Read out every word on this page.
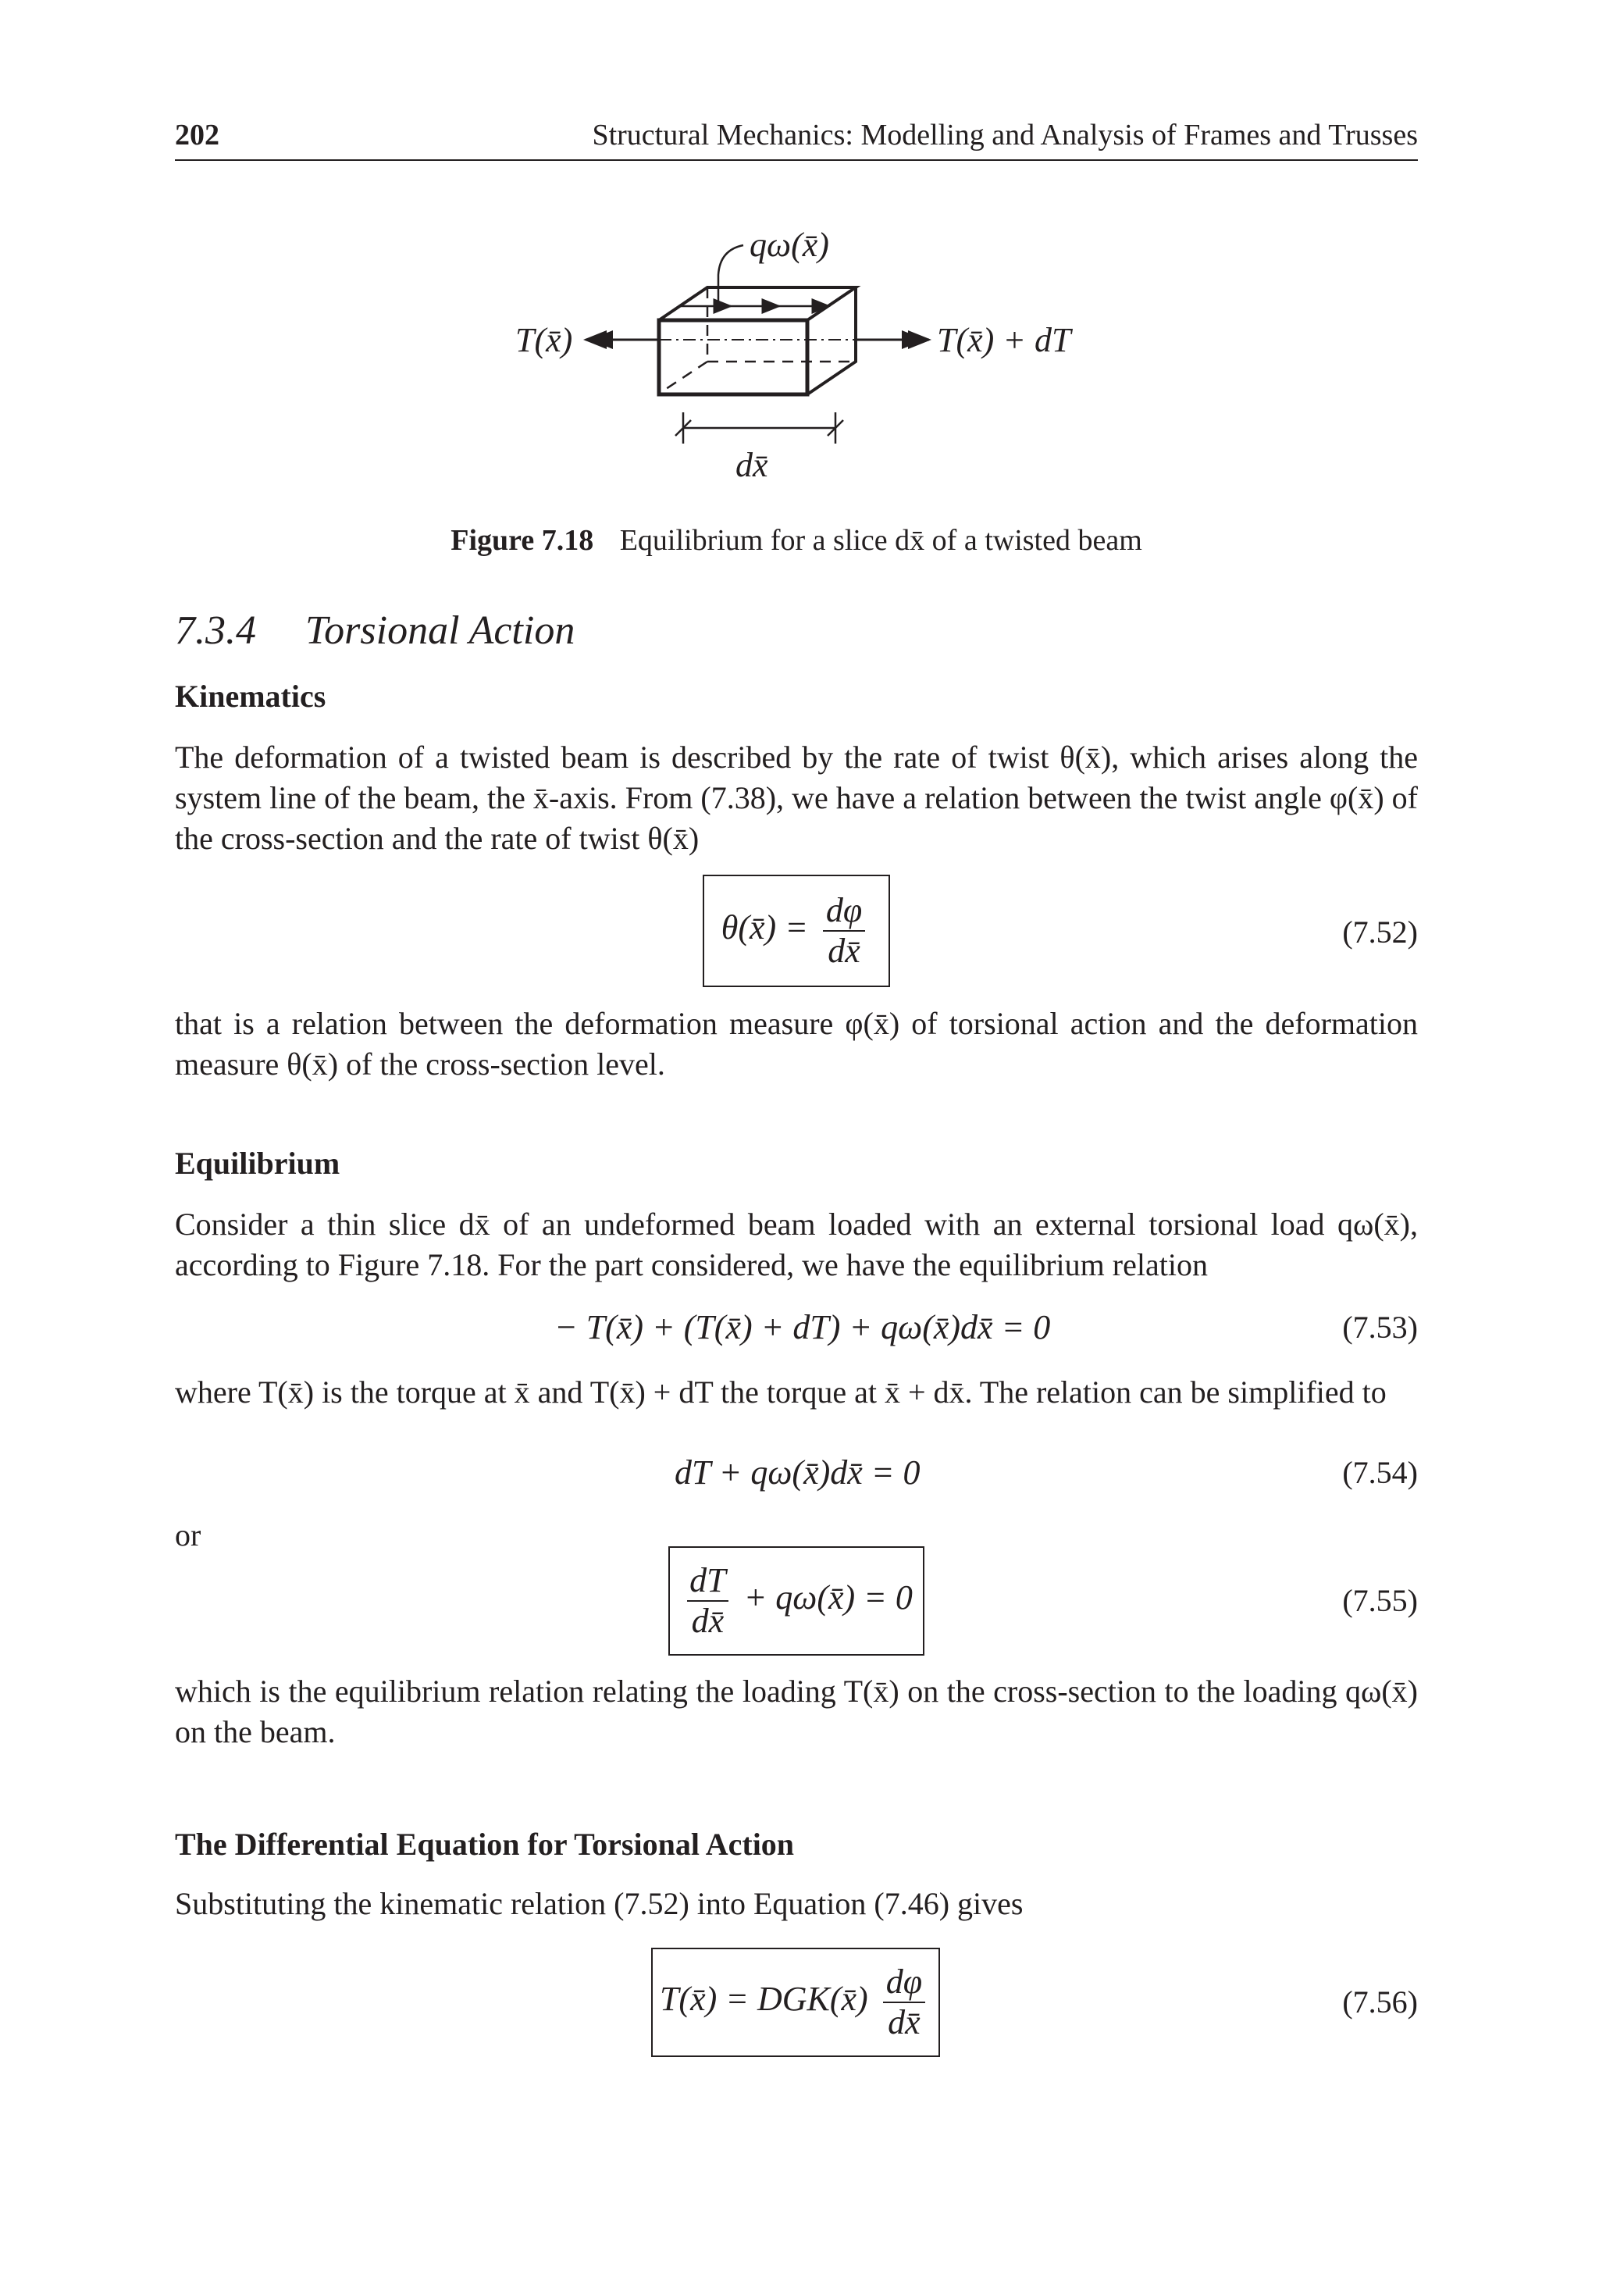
202	Structural Mechanics: Modelling and Analysis of Frames and Trusses
qω(x̄)
T(x̄)	T(x̄) + dT
dx̄
Figure 7.18 Equilibrium for a slice dx̄ of a twisted beam
7.3.4 Torsional Action
Kinematics

The deformation of a twisted beam is described by the rate of twist θ(x̄), which arises along the system line of the beam, the x̄-axis. From (7.38), we have a relation between the twist angle φ(x̄) of the cross-section and the rate of twist θ(x̄)

θ(x̄) = $\frac{d\varphi}{dx̄}$	(7.52)

that is a relation between the deformation measure φ(x̄) of torsional action and the deformation measure θ(x̄) of the cross-section level.

Equilibrium

Consider a thin slice dx̄ of an undeformed beam loaded with an external torsional load qω(x̄), according to Figure 7.18. For the part considered, we have the equilibrium relation

− T(x̄) + (T(x̄) + dT) + qω(x̄)dx̄ = 0	(7.53)

where T(x̄) is the torque at x̄ and T(x̄) + dT the torque at x̄ + dx̄. The relation can be simplified to

dT + qω(x̄)dx̄ = 0	(7.54)

or

$\frac{dT}{dx̄}$ + qω(x̄) = 0	(7.55)

which is the equilibrium relation relating the loading T(x̄) on the cross-section to the loading qω(x̄) on the beam.

The Differential Equation for Torsional Action

Substituting the kinematic relation (7.52) into Equation (7.46) gives

T(x̄) = DGK(x̄) $\frac{d\varphi}{dx̄}$	(7.56)
